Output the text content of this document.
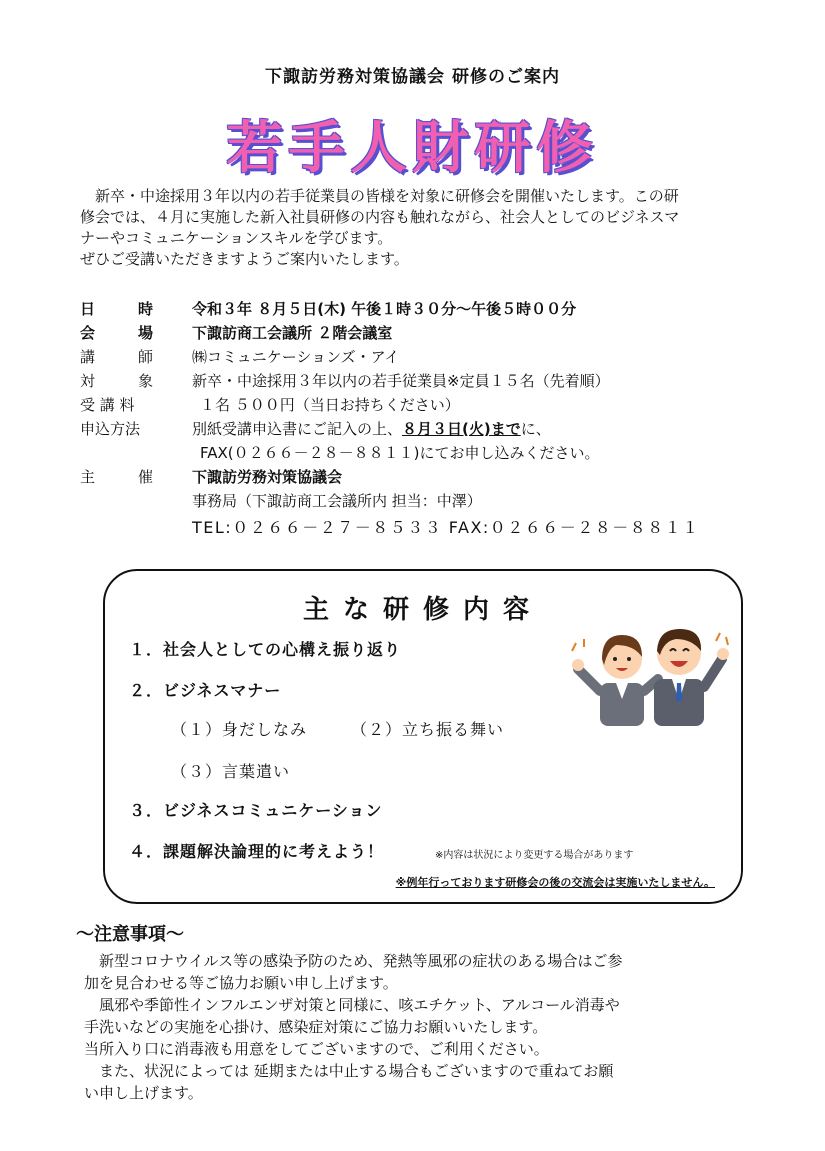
下諏訪労務対策協議会 研修のご案内
若手人財研修

新卒・中途採用３年以内の若手従業員の皆様を対象に研修会を開催いたします。この研

修会では、４月に実施した新入社員研修の内容も触れながら、社会人としてのビジネスマ

ナーやコミュニケーションスキルを学びます。

ぜひご受講いただきますようご案内いたします。

日	時	令和３年 ８月５日(木) 午後１時３０分～午後５時００分
会	場	下諏訪商工会議所 ２階会議室
講	師	㈱コミュニケーションズ・アイ
対	象	新卒・中途採用３年以内の若手従業員※定員１５名（先着順）
受 講 料	１名 ５００円（当日お持ちください）
申込方法	別紙受講申込書にご記入の上、８月３日(火)までに、
FAX(０２６６－２８－８８１１)にてお申し込みください。
主	催	下諏訪労務対策協議会
事務局（下諏訪商工会議所内 担当：中澤）
TEL:０２６６－２７－８５３３ FAX:０２６６－２８－８８１１
主な研修内容
１．社会人としての心構え振り返り
２．ビジネスマナー
（１）身だしなみ	（２）立ち振る舞い
（３）言葉遣い
３．ビジネスコミュニケーション
４．課題解決論理的に考えよう！	※内容は状況により変更する場合があります
※例年行っております研修会の後の交流会は実施いたしません。
～注意事項～

新型コロナウイルス等の感染予防のため、発熱等風邪の症状のある場合はご参

加を見合わせる等ご協力お願い申し上げます。

風邪や季節性インフルエンザ対策と同様に、咳エチケット、アルコール消毒や

手洗いなどの実施を心掛け、感染症対策にご協力お願いいたします。

当所入り口に消毒液も用意をしてございますので、ご利用ください。

また、状況によっては 延期または中止する場合もございますので重ねてお願

い申し上げます。
